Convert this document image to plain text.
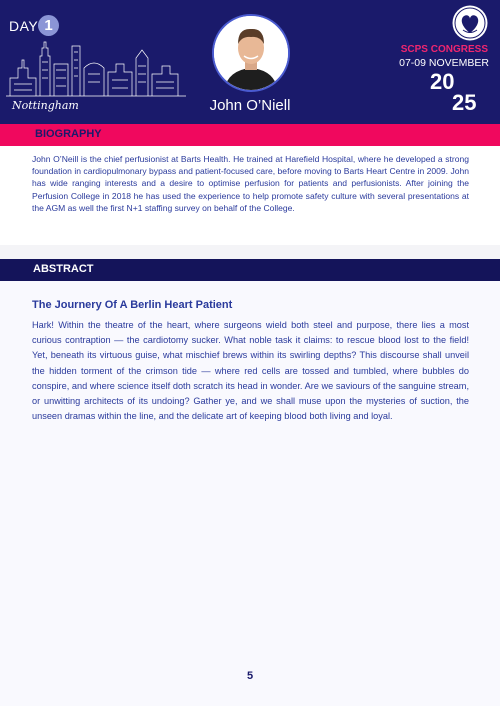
DAY 1
Nottingham	John O’Niell
SCPS CONGRESS
07-09 NOVEMBER
20
25
BIOGRAPHY
John O’Neill is the chief perfusionist at Barts Health. He trained at Harefield Hospital, where he developed a strong foundation in cardiopulmonary bypass and patient-focused care, before moving to Barts Heart Centre in 2009. John has wide ranging interests and a desire to optimise perfusion for patients and perfusionists. After joining the Perfusion College in 2018 he has used the experience to help promote safety culture with several presentations at the AGM as well the first N+1 staffing survey on behalf of the College.
ABSTRACT
The Journery Of A Berlin Heart Patient
Hark! Within the theatre of the heart, where surgeons wield both steel and purpose, there lies a most curious contraption — the cardiotomy sucker. What noble task it claims: to rescue blood lost to the field! Yet, beneath its virtuous guise, what mischief brews within its swirling depths? This discourse shall unveil the hidden torment of the crimson tide — where red cells are tossed and tumbled, where bubbles do conspire, and where science itself doth scratch its head in wonder. Are we saviours of the sanguine stream, or unwitting architects of its undoing? Gather ye, and we shall muse upon the mysteries of suction, the unseen dramas within the line, and the delicate art of keeping blood both living and loyal.
5
